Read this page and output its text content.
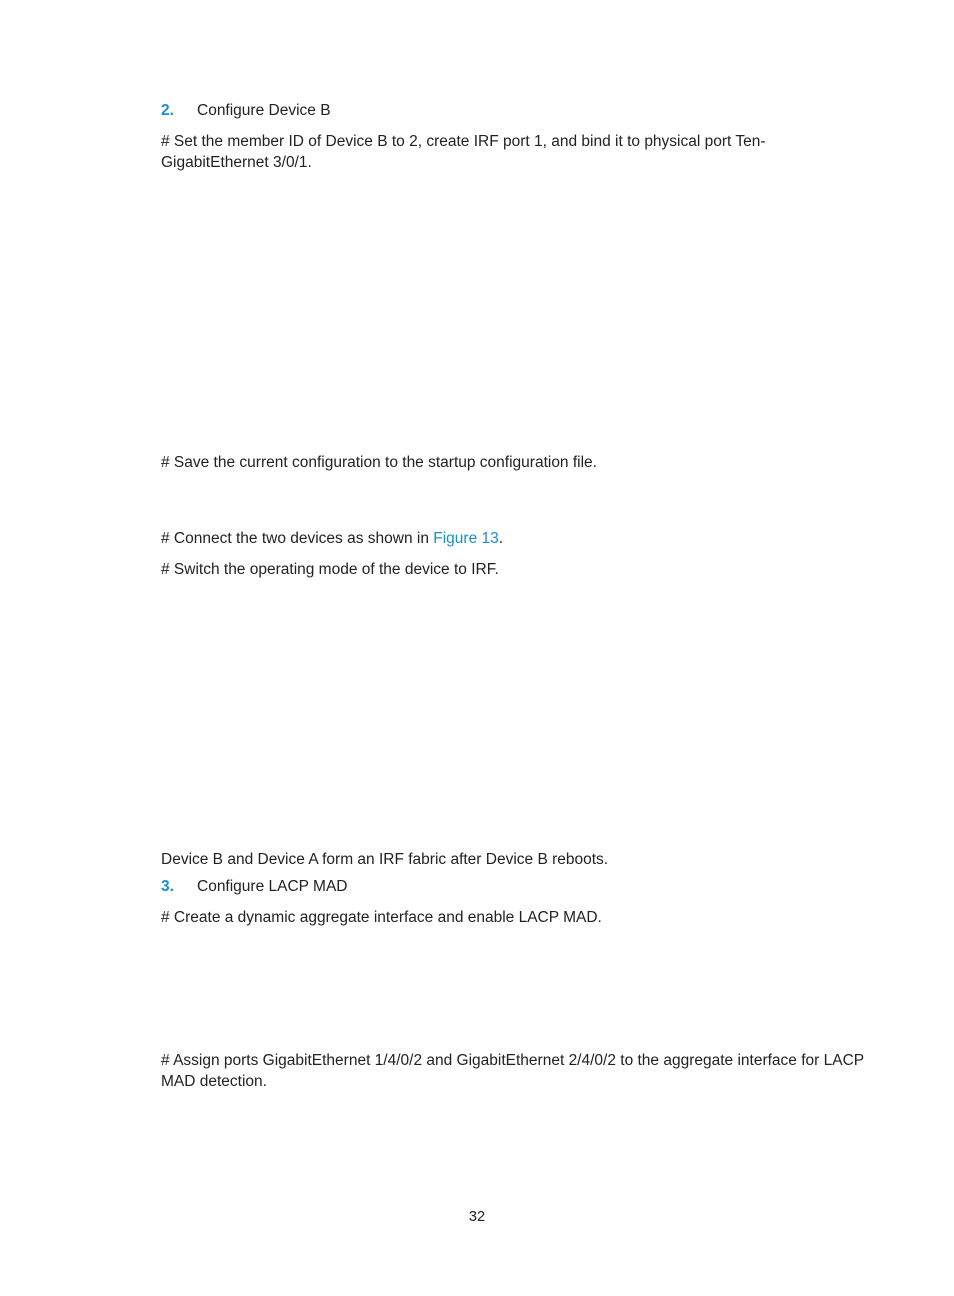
2. Configure Device B

# Set the member ID of Device B to 2, create IRF port 1, and bind it to physical port Ten-GigabitEthernet 3/0/1.

# Save the current configuration to the startup configuration file.

# Connect the two devices as shown in Figure 13.

# Switch the operating mode of the device to IRF.

Device B and Device A form an IRF fabric after Device B reboots.

3. Configure LACP MAD

# Create a dynamic aggregate interface and enable LACP MAD.

# Assign ports GigabitEthernet 1/4/0/2 and GigabitEthernet 2/4/0/2 to the aggregate interface for LACP MAD detection.

32
